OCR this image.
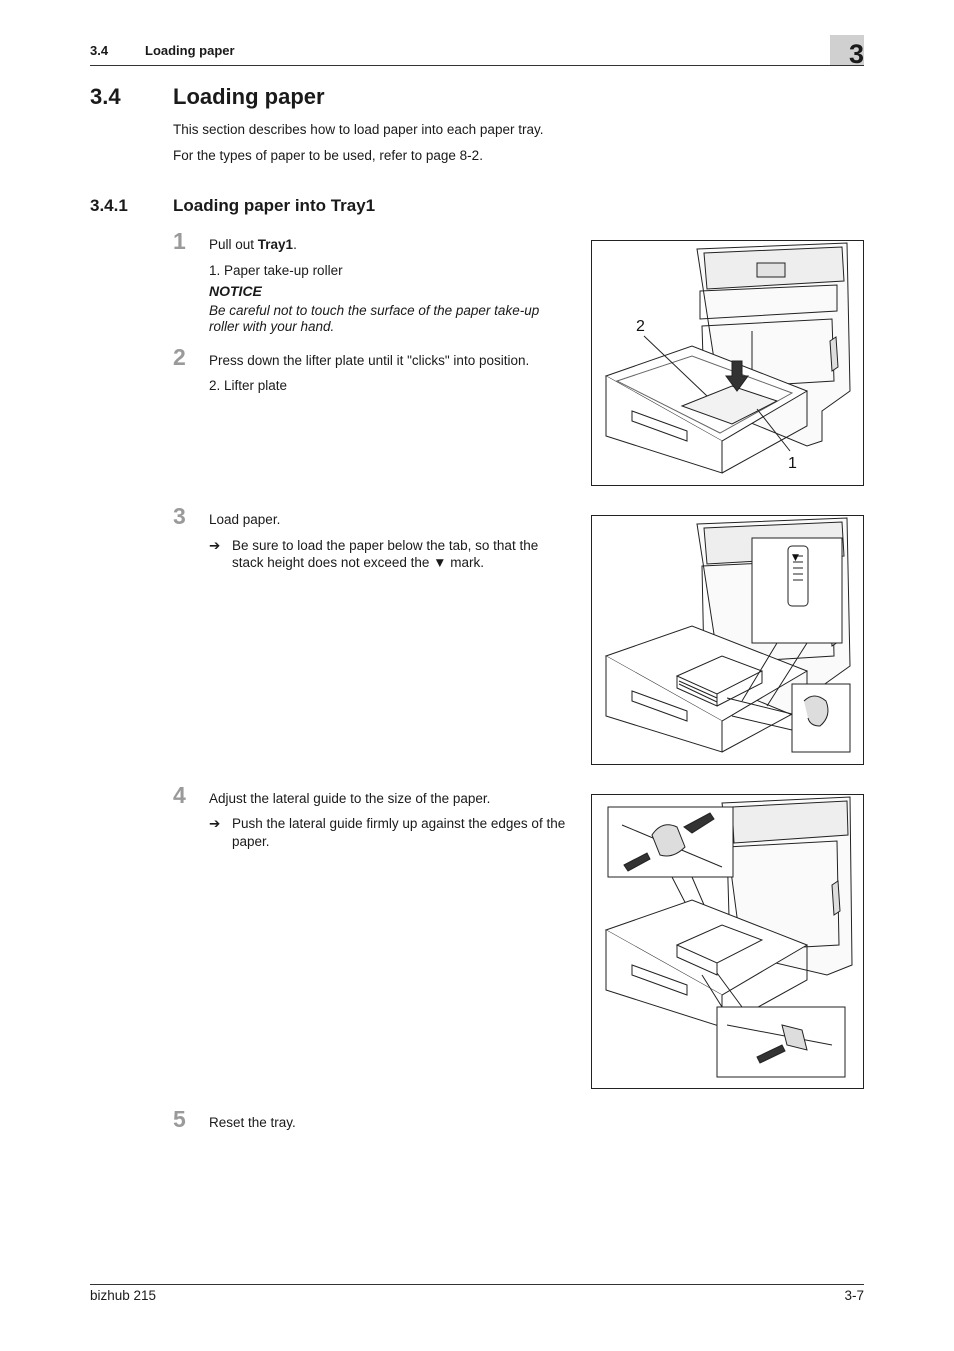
3.4	Loading paper	3
3.4 Loading paper
This section describes how to load paper into each paper tray.
For the types of paper to be used, refer to page 8-2.
3.4.1	Loading paper into Tray1
1 Pull out Tray1.
1. Paper take-up roller
NOTICE
Be careful not to touch the surface of the paper take-up
roller with your hand.
2 Press down the lifter plate until it "clicks" into position.
2. Lifter plate
3 Load paper.
➔ Be sure to load the paper below the tab, so that the
stack height does not exceed the ▼ mark.
4 Adjust the lateral guide to the size of the paper.
➔ Push the lateral guide firmly up against the edges of the
paper.
5 Reset the tray.
2
1
▼
bizhub 215	3-7
